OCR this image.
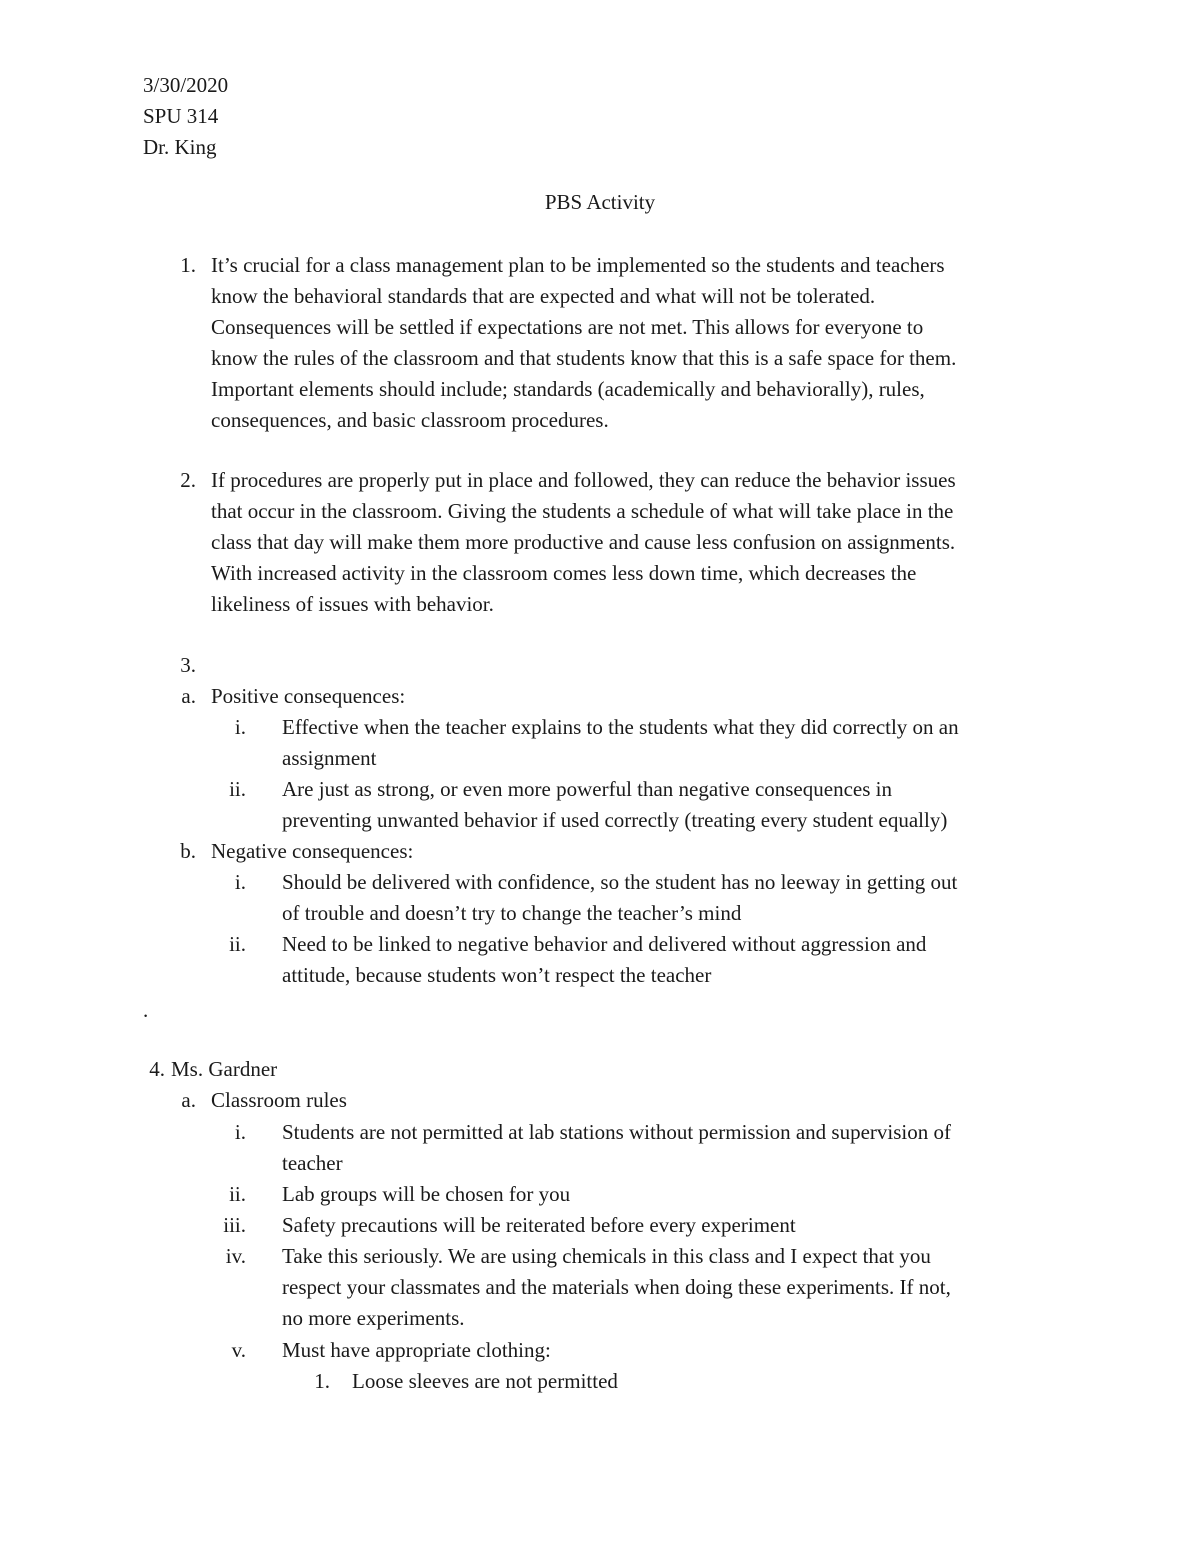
3/30/2020
SPU 314
Dr. King
PBS Activity
1. It’s crucial for a class management plan to be implemented so the students and teachers
know the behavioral standards that are expected and what will not be tolerated.
Consequences will be settled if expectations are not met. This allows for everyone to
know the rules of the classroom and that students know that this is a safe space for them.
Important elements should include; standards (academically and behaviorally), rules,
consequences, and basic classroom procedures.
2. If procedures are properly put in place and followed, they can reduce the behavior issues
that occur in the classroom. Giving the students a schedule of what will take place in the
class that day will make them more productive and cause less confusion on assignments.
With increased activity in the classroom comes less down time, which decreases the
likeliness of issues with behavior.
3.
a. Positive consequences:
i. Effective when the teacher explains to the students what they did correctly on an
assignment
ii. Are just as strong, or even more powerful than negative consequences in
preventing unwanted behavior if used correctly (treating every student equally)
b. Negative consequences:
i. Should be delivered with confidence, so the student has no leeway in getting out
of trouble and doesn’t try to change the teacher’s mind
ii. Need to be linked to negative behavior and delivered without aggression and
attitude, because students won’t respect the teacher
.
4. Ms. Gardner
a. Classroom rules
i. Students are not permitted at lab stations without permission and supervision of
teacher
ii. Lab groups will be chosen for you
iii. Safety precautions will be reiterated before every experiment
iv. Take this seriously. We are using chemicals in this class and I expect that you
respect your classmates and the materials when doing these experiments. If not,
no more experiments.
v. Must have appropriate clothing:
1. Loose sleeves are not permitted
